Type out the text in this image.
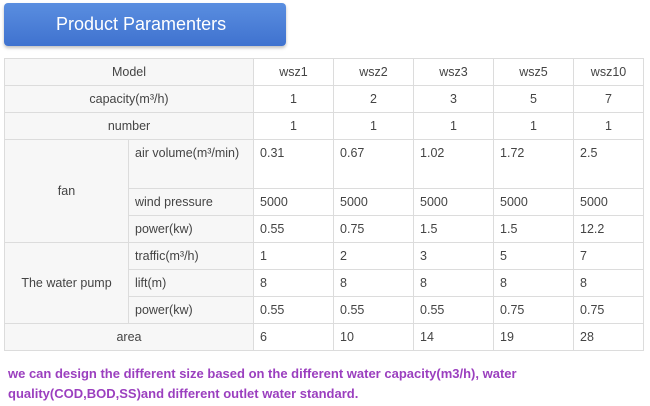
Product Paramenters
Model		wsz1	wsz2	wsz3	wsz5	wsz10
capacity(m³/h)		1	2	3	5	7
number		1	1	1	1	1
fan	air volume(m³/min)	0.31	0.67	1.02	1.72	2.5
	wind pressure	5000	5000	5000	5000	5000
	power(kw)	0.55	0.75	1.5	1.5	12.2
The water pump	traffic(m³/h)	1	2	3	5	7
	lift(m)	8	8	8	8	8
	power(kw)	0.55	0.55	0.55	0.75	0.75
area		6	10	14	19	28
we can design the different size based on the different water capacity(m3/h), water quality(COD,BOD,SS)and different outlet water standard.
